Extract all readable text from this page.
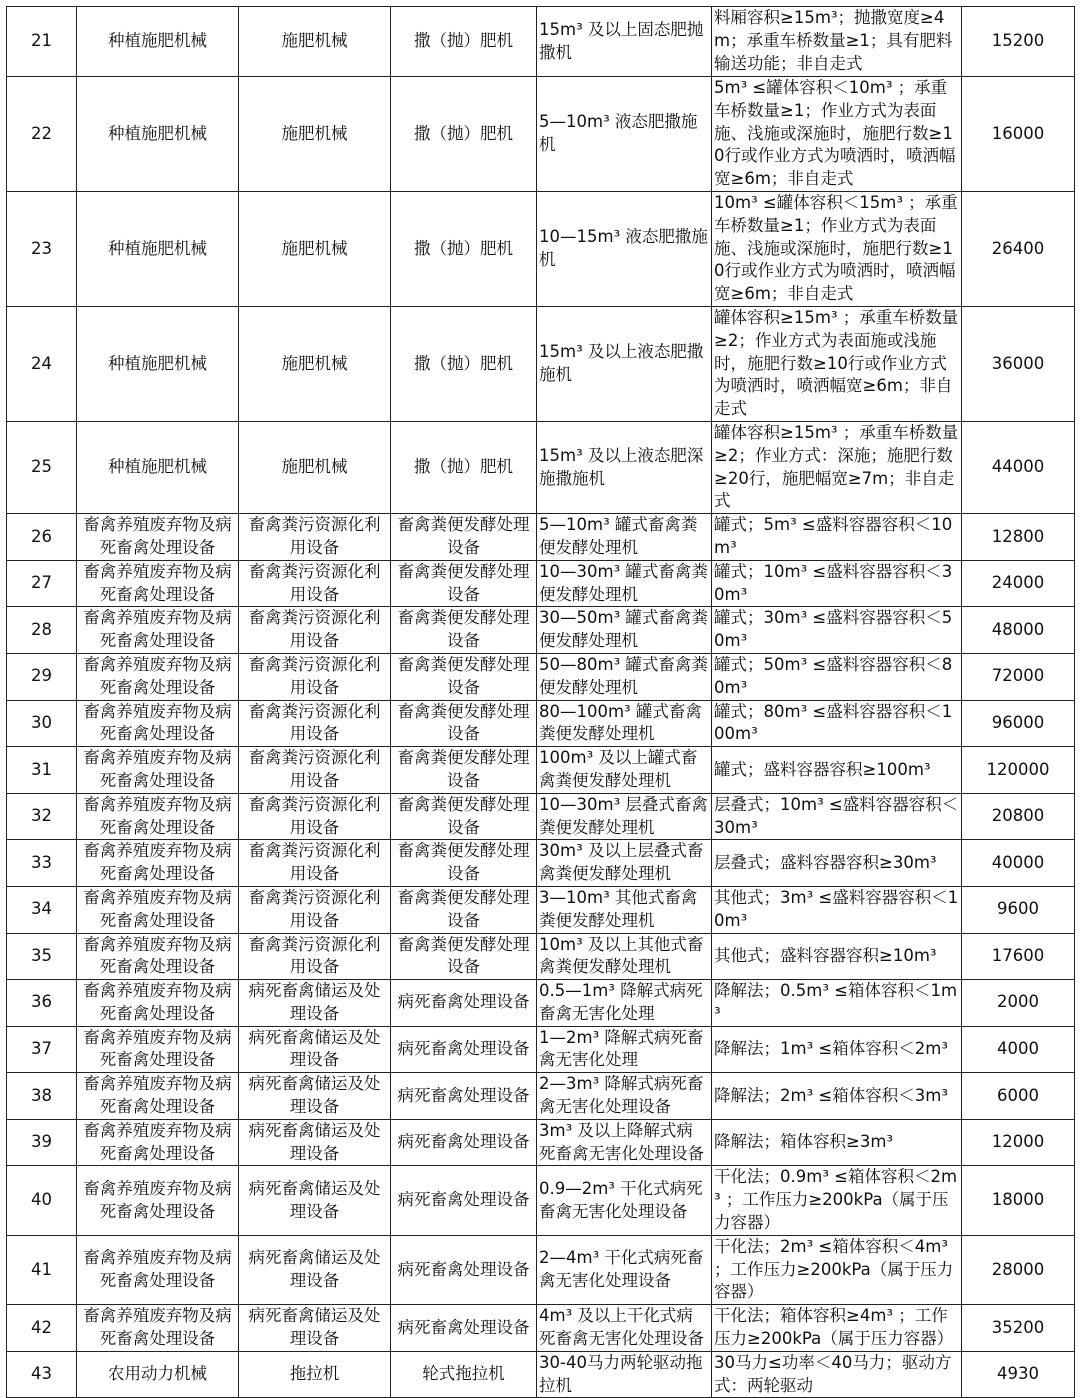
21	种植施肥机械	施肥机械	撒（抛）肥机	15m³ 及以上固态肥抛撒机	料厢容积≥15m³；抛撒宽度≥4m；承重车桥数量≥1；具有肥料输送功能；非自走式	15200
22	种植施肥机械	施肥机械	撒（抛）肥机	5—10m³ 液态肥撒施机	5m³ ≤罐体容积＜10m³ ；承重车桥数量≥1；作业方式为表面施、浅施或深施时，施肥行数≥10行或作业方式为喷洒时，喷洒幅宽≥6m；非自走式	16000
23	种植施肥机械	施肥机械	撒（抛）肥机	10—15m³ 液态肥撒施机	10m³ ≤罐体容积＜15m³ ；承重车桥数量≥1；作业方式为表面施、浅施或深施时，施肥行数≥10行或作业方式为喷洒时，喷洒幅宽≥6m；非自走式	26400
24	种植施肥机械	施肥机械	撒（抛）肥机	15m³ 及以上液态肥撒施机	罐体容积≥15m³ ；承重车桥数量≥2；作业方式为表面施或浅施时，施肥行数≥10行或作业方式为喷洒时，喷洒幅宽≥6m；非自走式	36000
25	种植施肥机械	施肥机械	撒（抛）肥机	15m³ 及以上液态肥深施撒施机	罐体容积≥15m³ ；承重车桥数量≥2；作业方式：深施；施肥行数≥20行，施肥幅宽≥7m；非自走式	44000
26	畜禽养殖废弃物及病死畜禽处理设备	畜禽粪污资源化利用设备	畜禽粪便发酵处理设备	5—10m³ 罐式畜禽粪便发酵处理机	罐式；5m³ ≤盛料容器容积＜10m³	12800
27	畜禽养殖废弃物及病死畜禽处理设备	畜禽粪污资源化利用设备	畜禽粪便发酵处理设备	10—30m³ 罐式畜禽粪便发酵处理机	罐式；10m³ ≤盛料容器容积＜30m³	24000
28	畜禽养殖废弃物及病死畜禽处理设备	畜禽粪污资源化利用设备	畜禽粪便发酵处理设备	30—50m³ 罐式畜禽粪便发酵处理机	罐式；30m³ ≤盛料容器容积＜50m³	48000
29	畜禽养殖废弃物及病死畜禽处理设备	畜禽粪污资源化利用设备	畜禽粪便发酵处理设备	50—80m³ 罐式畜禽粪便发酵处理机	罐式；50m³ ≤盛料容器容积＜80m³	72000
30	畜禽养殖废弃物及病死畜禽处理设备	畜禽粪污资源化利用设备	畜禽粪便发酵处理设备	80—100m³ 罐式畜禽粪便发酵处理机	罐式；80m³ ≤盛料容器容积＜100m³	96000
31	畜禽养殖废弃物及病死畜禽处理设备	畜禽粪污资源化利用设备	畜禽粪便发酵处理设备	100m³ 及以上罐式畜禽粪便发酵处理机	罐式；盛料容器容积≥100m³	120000
32	畜禽养殖废弃物及病死畜禽处理设备	畜禽粪污资源化利用设备	畜禽粪便发酵处理设备	10—30m³ 层叠式畜禽粪便发酵处理机	层叠式；10m³ ≤盛料容器容积＜30m³	20800
33	畜禽养殖废弃物及病死畜禽处理设备	畜禽粪污资源化利用设备	畜禽粪便发酵处理设备	30m³ 及以上层叠式畜禽粪便发酵处理机	层叠式；盛料容器容积≥30m³	40000
34	畜禽养殖废弃物及病死畜禽处理设备	畜禽粪污资源化利用设备	畜禽粪便发酵处理设备	3—10m³ 其他式畜禽粪便发酵处理机	其他式；3m³ ≤盛料容器容积＜10m³	9600
35	畜禽养殖废弃物及病死畜禽处理设备	畜禽粪污资源化利用设备	畜禽粪便发酵处理设备	10m³ 及以上其他式畜禽粪便发酵处理机	其他式；盛料容器容积≥10m³	17600
36	畜禽养殖废弃物及病死畜禽处理设备	病死畜禽储运及处理设备	病死畜禽处理设备	0.5—1m³ 降解式病死畜禽无害化处理	降解法；0.5m³ ≤箱体容积＜1m³	2000
37	畜禽养殖废弃物及病死畜禽处理设备	病死畜禽储运及处理设备	病死畜禽处理设备	1—2m³ 降解式病死畜禽无害化处理	降解法；1m³ ≤箱体容积＜2m³	4000
38	畜禽养殖废弃物及病死畜禽处理设备	病死畜禽储运及处理设备	病死畜禽处理设备	2—3m³ 降解式病死畜禽无害化处理设备	降解法；2m³ ≤箱体容积＜3m³	6000
39	畜禽养殖废弃物及病死畜禽处理设备	病死畜禽储运及处理设备	病死畜禽处理设备	3m³ 及以上降解式病死畜禽无害化处理设备	降解法；箱体容积≥3m³	12000
40	畜禽养殖废弃物及病死畜禽处理设备	病死畜禽储运及处理设备	病死畜禽处理设备	0.9—2m³ 干化式病死畜禽无害化处理设备	干化法；0.9m³ ≤箱体容积＜2m³ ；工作压力≥200kPa（属于压力容器）	18000
41	畜禽养殖废弃物及病死畜禽处理设备	病死畜禽储运及处理设备	病死畜禽处理设备	2—4m³ 干化式病死畜禽无害化处理设备	干化法；2m³ ≤箱体容积＜4m³ ；工作压力≥200kPa（属于压力容器）	28000
42	畜禽养殖废弃物及病死畜禽处理设备	病死畜禽储运及处理设备	病死畜禽处理设备	4m³ 及以上干化式病死畜禽无害化处理设备	干化法；箱体容积≥4m³ ；工作压力≥200kPa（属于压力容器）	35200
43	农用动力机械	拖拉机	轮式拖拉机	30-40马力两轮驱动拖拉机	30马力≤功率＜40马力；驱动方式：两轮驱动	4930
